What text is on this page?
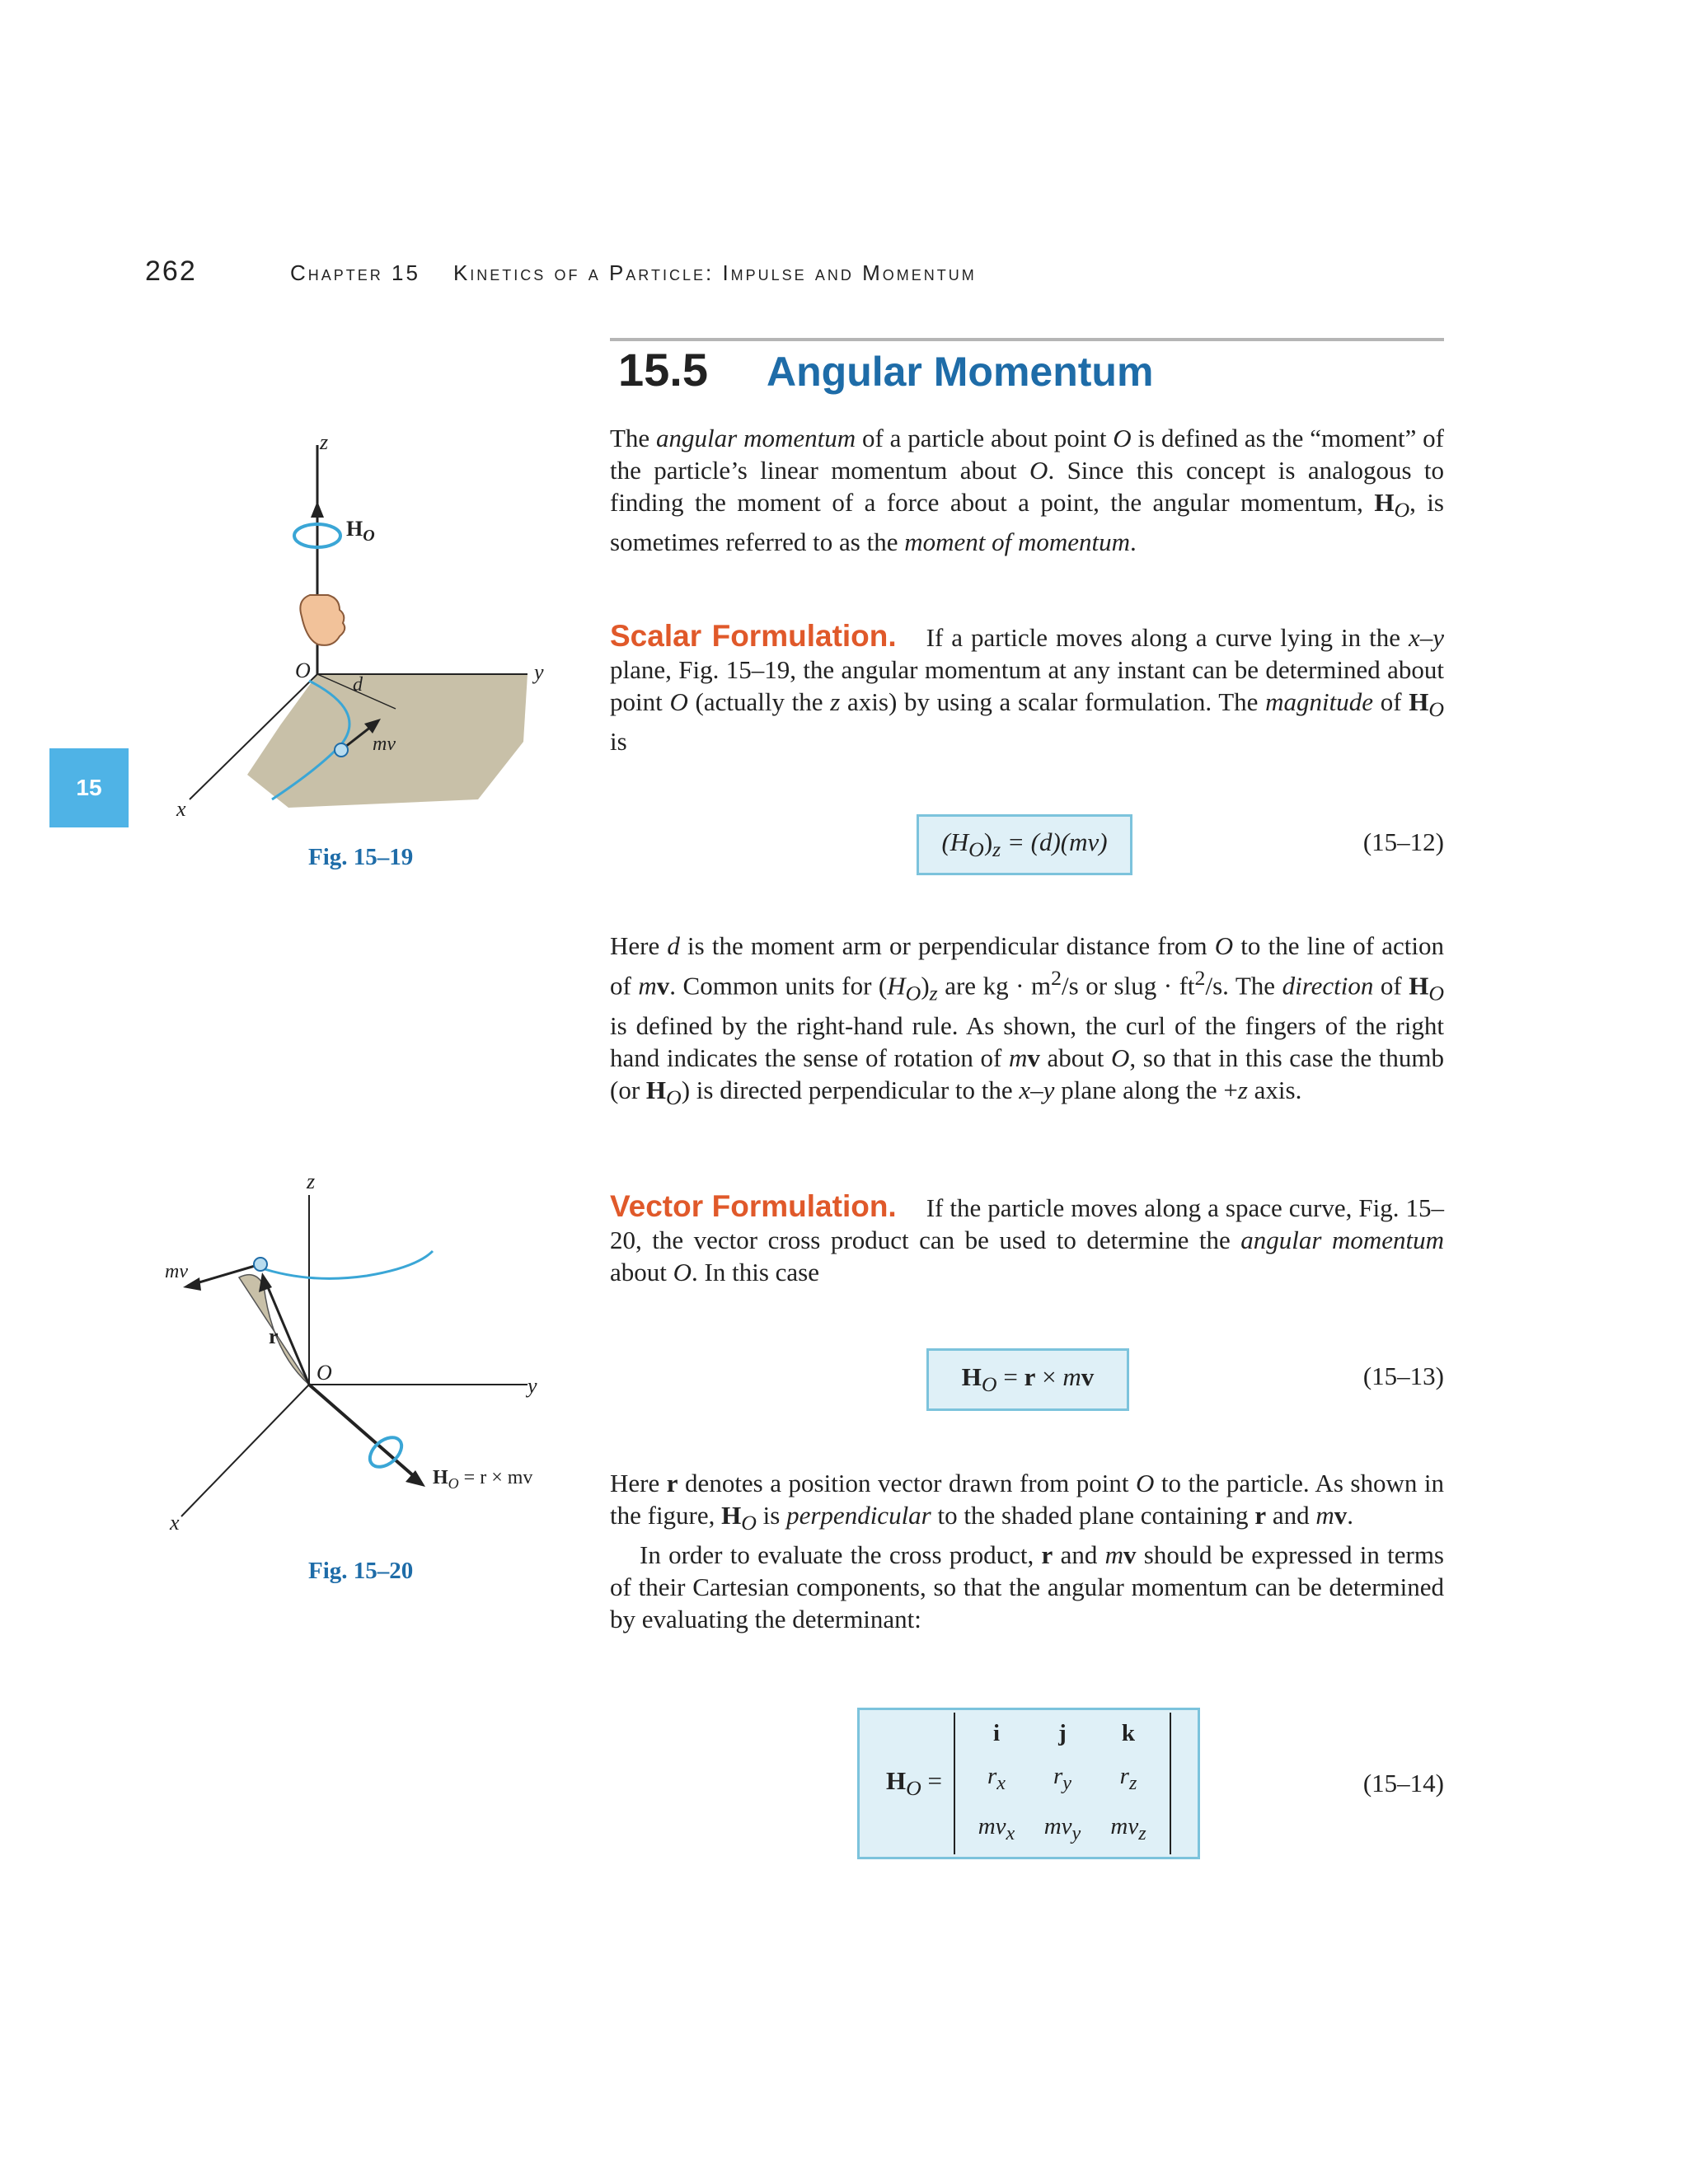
262	Chapter 15 Kinetics of a Particle: Impulse and Momentum
15
15.5 Angular Momentum

The angular momentum of a particle about point O is defined as the “moment” of the particle’s linear momentum about O. Since this concept is analogous to finding the moment of a force about a point, the angular momentum, $H_O$, is sometimes referred to as the moment of momentum.

Scalar Formulation. If a particle moves along a curve lying in the x–y plane, Fig. 15–19, the angular momentum at any instant can be determined about point O (actually the z axis) by using a scalar formulation. The magnitude of $H_O$ is

$(H_O)_z = (d)(mv)$	(15–12)

Here d is the moment arm or perpendicular distance from O to the line of action of mv. Common units for $(H_O)_z$ are kg · $m^2/s$ or slug · $ft^2/s$. The direction of $H_O$ is defined by the right-hand rule. As shown, the curl of the fingers of the right hand indicates the sense of rotation of mv about O, so that in this case the thumb (or $H_O$) is directed perpendicular to the x–y plane along the +z axis.

Vector Formulation. If the particle moves along a space curve, Fig. 15–20, the vector cross product can be used to determine the angular momentum about O. In this case

$H_O = r$ × mv	(15–13)

Here r denotes a position vector drawn from point O to the particle. As shown in the figure, $H_O$ is perpendicular to the shaded plane containing r and mv.

In order to evaluate the cross product, r and mv should be expressed in terms of their Cartesian components, so that the angular momentum can be determined by evaluating the determinant:

$H_O$ =
i	j	k
$r_x$	$r_y$	$r_z$
$mv_x$	$mv_y$	$mv_z$
(15–14)
z
$H_O$
O	y
d
mv
x
Fig. 15–19
z
mv
r
O
y
$H_O = r$ × mv
x
Fig. 15–20
